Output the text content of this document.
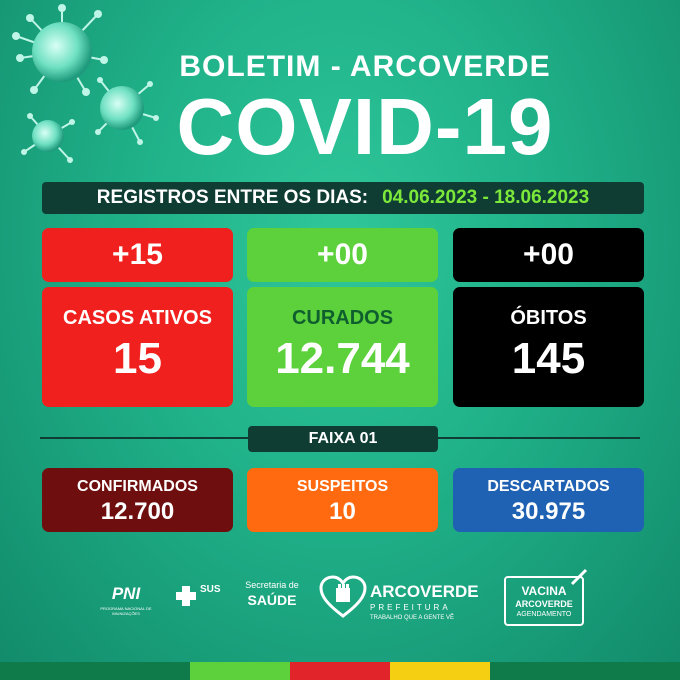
BOLETIM - ARCOVERDE
COVID-19
REGISTROS ENTRE OS DIAS: 04.06.2023 - 18.06.2023
+15	+00	+00
CASOS ATIVOS
15
CURADOS
12.744
ÓBITOS
145
FAIXA 01
CONFIRMADOS
12.700
SUSPEITOS
10
DESCARTADOS
30.975
PNI
PROGRAMA NACIONAL DE IMUNIZAÇÕES
SUS	Secretaria de
SAÚDE	ARCOVERDE
PREFEITURA
TRABALHO QUE A GENTE VÊ
VACINA
ARCOVERDE
AGENDAMENTO
